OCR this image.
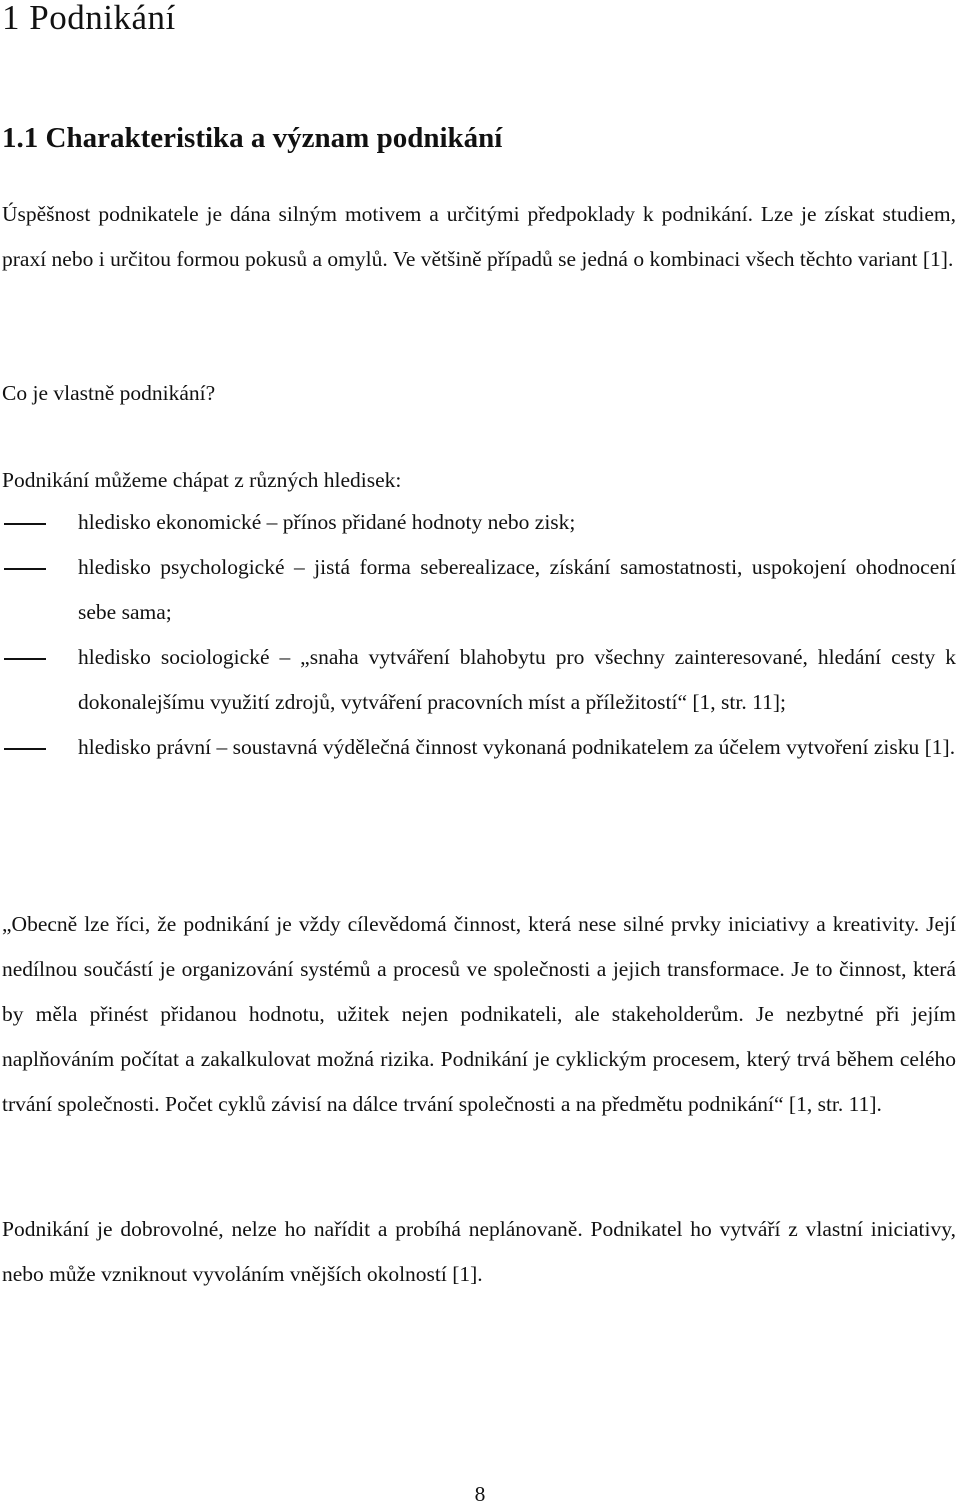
1 Podnikání
1.1 Charakteristika a význam podnikání

Úspěšnost podnikatele je dána silným motivem a určitými předpoklady k podnikání. Lze je získat studiem, praxí nebo i určitou formou pokusů a omylů. Ve většině případů se jedná o kombinaci všech těchto variant [1].

Co je vlastně podnikání?

Podnikání můžeme chápat z různých hledisek:

hledisko ekonomické – přínos přidané hodnoty nebo zisk;
hledisko psychologické – jistá forma seberealizace, získání samostatnosti, uspokojení ohodnocení sebe sama;
hledisko sociologické – „snaha vytváření blahobytu pro všechny zainteresované, hledání cesty k dokonalejšímu využití zdrojů, vytváření pracovních míst a příležitostí“ [1, str. 11];
hledisko právní – soustavná výdělečná činnost vykonaná podnikatelem za účelem vytvoření zisku [1].

„Obecně lze říci, že podnikání je vždy cílevědomá činnost, která nese silné prvky iniciativy a kreativity. Její nedílnou součástí je organizování systémů a procesů ve společnosti a jejich transformace. Je to činnost, která by měla přinést přidanou hodnotu, užitek nejen podnikateli, ale stakeholderům. Je nezbytné při jejím naplňováním počítat a zakalkulovat možná rizika. Podnikání je cyklickým procesem, který trvá během celého trvání společnosti. Počet cyklů závisí na dálce trvání společnosti a na předmětu podnikání“ [1, str. 11].

Podnikání je dobrovolné, nelze ho nařídit a probíhá neplánovaně. Podnikatel ho vytváří z vlastní iniciativy, nebo může vzniknout vyvoláním vnějších okolností [1].

8
